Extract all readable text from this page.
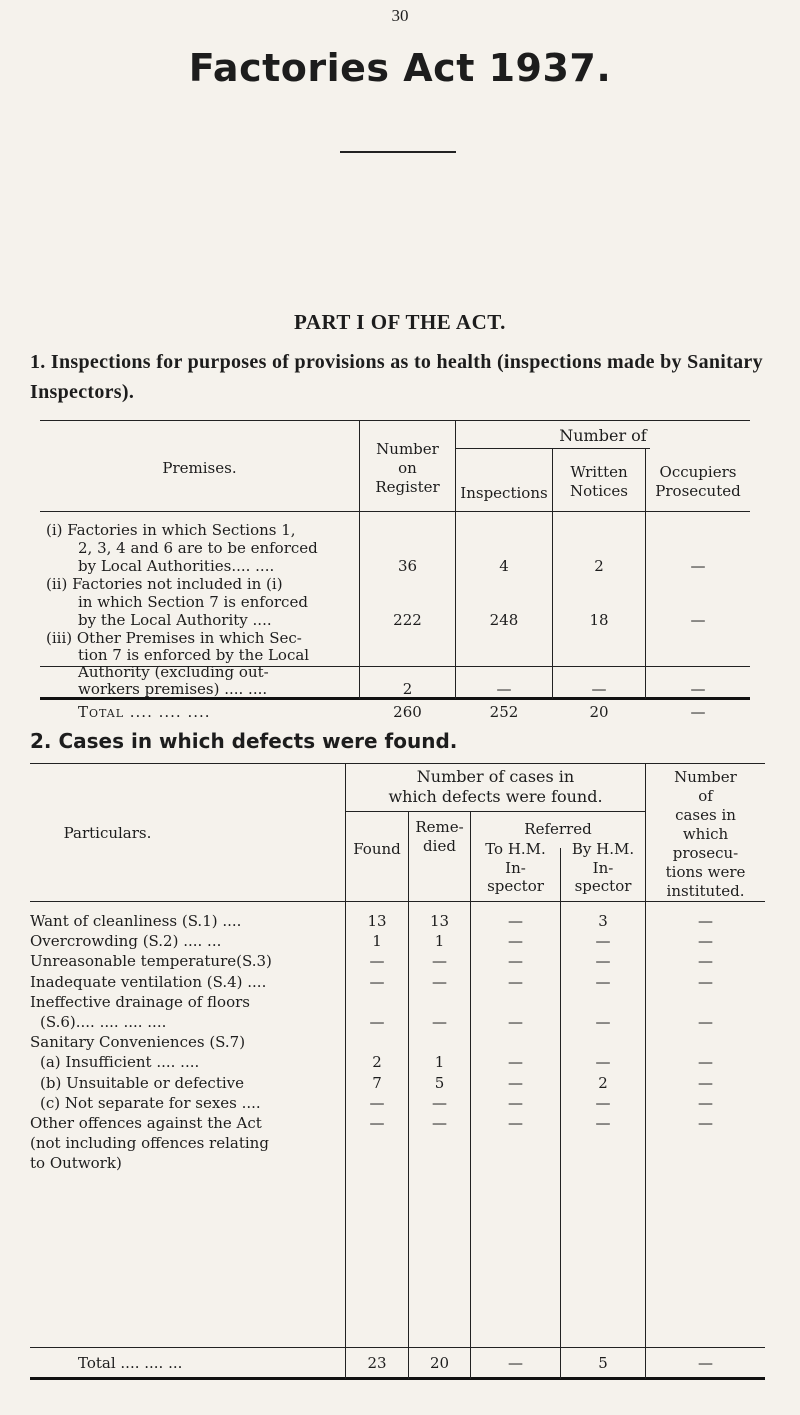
30
Factories Act 1937.
PART I OF THE ACT.
1. Inspections for purposes of provisions as to health (inspections made by Sanitary Inspectors).
Premises.
Number
on
Register
Number of
Inspections
Written
Notices
Occupiers
Prosecuted
(i) Factories in which Sections 1,
2, 3, 4 and 6 are to be enforced
by Local Authorities.... ....	36	4	2	—
(ii) Factories not included in (i)
in which Section 7 is enforced
by the Local Authority ....	222	248	18	—
(iii) Other Premises in which Sec-
tion 7 is enforced by the Local
Authority (excluding out-
workers premises) .... ....	2	—	—	—
Total .... .... ....	260	252	20	—
2. Cases in which defects were found.
Particulars.
Number of cases in
which defects were found.
Found
Reme-
died
Referred
To H.M.
In-
spector
By H.M.
In-
spector
Number
of
cases in
which
prosecu-
tions were
instituted.
Want of cleanliness (S.1) ....	13	13	—	3	—
Overcrowding (S.2) .... ...	1	1	—	—	—
Unreasonable temperature(S.3)	—	—	—	—	—
Inadequate ventilation (S.4) ....	—	—	—	—	—
Ineffective drainage of floors
(S.6).... .... .... ....	—	—	—	—	—
Sanitary Conveniences (S.7)
(a) Insufficient .... ....	2	1	—	—	—
(b) Unsuitable or defective	7	5	—	2	—
(c) Not separate for sexes ....	—	—	—	—	—
Other offences against the Act	—	—	—	—	—
(not including offences relating
to Outwork)
Total .... .... ...	23	20	—	5	—
